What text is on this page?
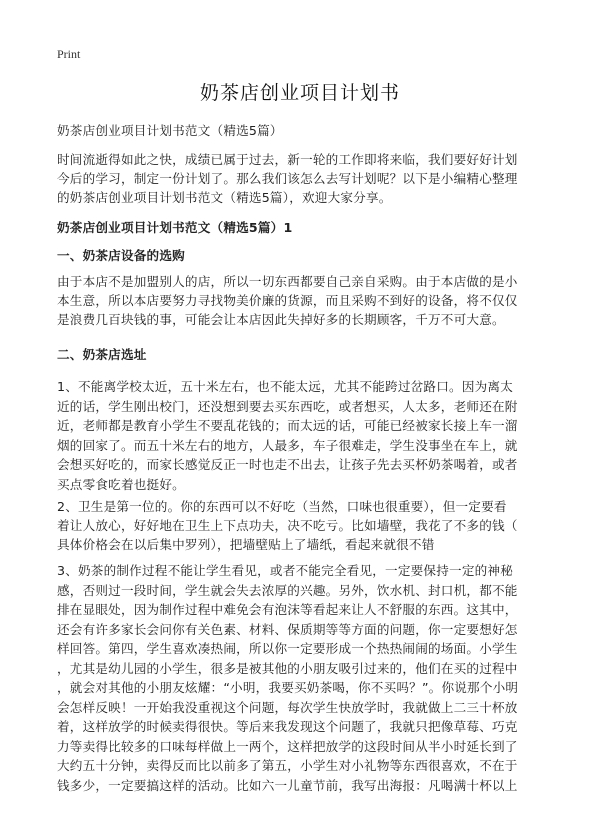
Print
奶茶店创业项目计划书
奶茶店创业项目计划书范文（精选5篇）
时间流逝得如此之快，成绩已属于过去，新一轮的工作即将来临，我们要好好计划
今后的学习，制定一份计划了。那么我们该怎么去写计划呢？以下是小编精心整理
的奶茶店创业项目计划书范文（精选5篇），欢迎大家分享。
奶茶店创业项目计划书范文（精选5篇）1
一、奶茶店设备的选购
由于本店不是加盟别人的店，所以一切东西都要自己亲自采购。由于本店做的是小
本生意，所以本店要努力寻找物美价廉的货源，而且采购不到好的设备，将不仅仅
是浪费几百块钱的事，可能会让本店因此失掉好多的长期顾客，千万不可大意。
二、奶茶店选址
1、不能离学校太近，五十米左右，也不能太远，尤其不能跨过岔路口。因为离太
近的话，学生刚出校门，还没想到要去买东西吃，或者想买，人太多，老师还在附
近，老师都是教育小学生不要乱花钱的；而太远的话，可能已经被家长接上车一溜
烟的回家了。而五十米左右的地方，人最多，车子很难走，学生没事坐在车上，就
会想买好吃的，而家长感觉反正一时也走不出去，让孩子先去买杯奶茶喝着，或者
买点零食吃着也挺好。
2、卫生是第一位的。你的东西可以不好吃（当然，口味也很重要），但一定要看
着让人放心，好好地在卫生上下点功夫，决不吃亏。比如墙壁，我花了不多的钱（
具体价格会在以后集中罗列），把墙壁贴上了墙纸，看起来就很不错
3、奶茶的制作过程不能让学生看见，或者不能完全看见，一定要保持一定的神秘
感，否则过一段时间，学生就会失去浓厚的兴趣。另外，饮水机、封口机，都不能
排在显眼处，因为制作过程中难免会有泡沫等看起来让人不舒服的东西。这其中，
还会有许多家长会问你有关色素、材料、保质期等等方面的问题，你一定要想好怎
样回答。第四，学生喜欢凑热闹，所以你一定要形成一个热热闹闹的场面。小学生
，尤其是幼儿园的小学生，很多是被其他的小朋友吸引过来的，他们在买的过程中
，就会对其他的小朋友炫耀：“小明，我要买奶茶喝，你不买吗？”。你说那个小明
会怎样反映！一开始我没重视这个问题，每次学生快放学时，我就做上二三十杯放
着，这样放学的时候卖得很快。等后来我发现这个问题了，我就只把像草莓、巧克
力等卖得比较多的口味每样做上一两个，这样把放学的这段时间从半小时延长到了
大约五十分钟，卖得反而比以前多了第五，小学生对小礼物等东西很喜欢，不在于
钱多少，一定要搞这样的活动。比如六一儿童节前，我写出海报：凡喝满十杯以上
